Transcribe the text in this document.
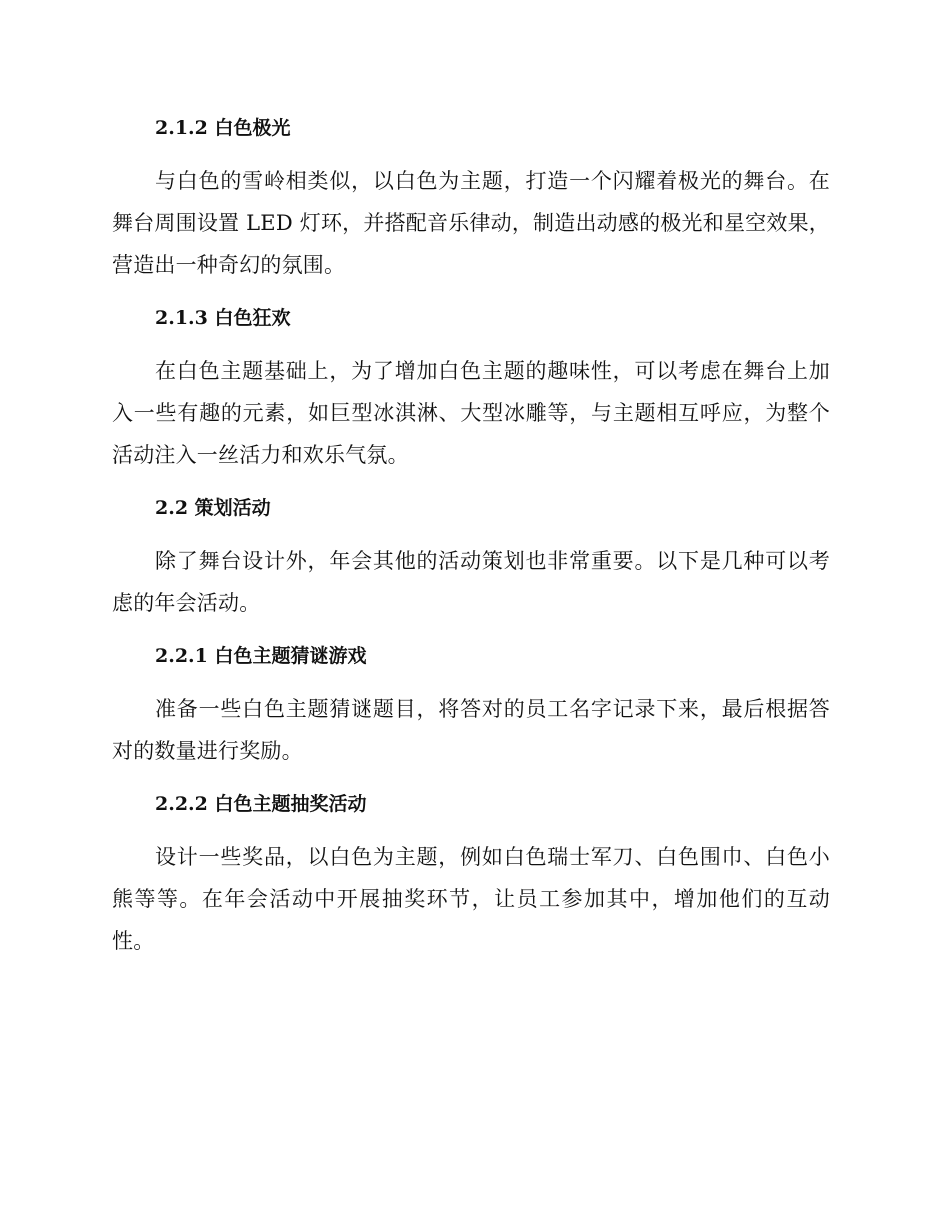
2.1.2 白色极光

与白色的雪岭相类似，以白色为主题，打造一个闪耀着极光的舞台。在舞台周围设置 LED 灯环，并搭配音乐律动，制造出动感的极光和星空效果，营造出一种奇幻的氛围。

2.1.3 白色狂欢

在白色主题基础上，为了增加白色主题的趣味性，可以考虑在舞台上加入一些有趣的元素，如巨型冰淇淋、大型冰雕等，与主题相互呼应，为整个活动注入一丝活力和欢乐气氛。

2.2 策划活动

除了舞台设计外，年会其他的活动策划也非常重要。以下是几种可以考虑的年会活动。

2.2.1 白色主题猜谜游戏

准备一些白色主题猜谜题目，将答对的员工名字记录下来，最后根据答对的数量进行奖励。

2.2.2 白色主题抽奖活动

设计一些奖品，以白色为主题，例如白色瑞士军刀、白色围巾、白色小熊等等。在年会活动中开展抽奖环节，让员工参加其中，增加他们的互动性。
